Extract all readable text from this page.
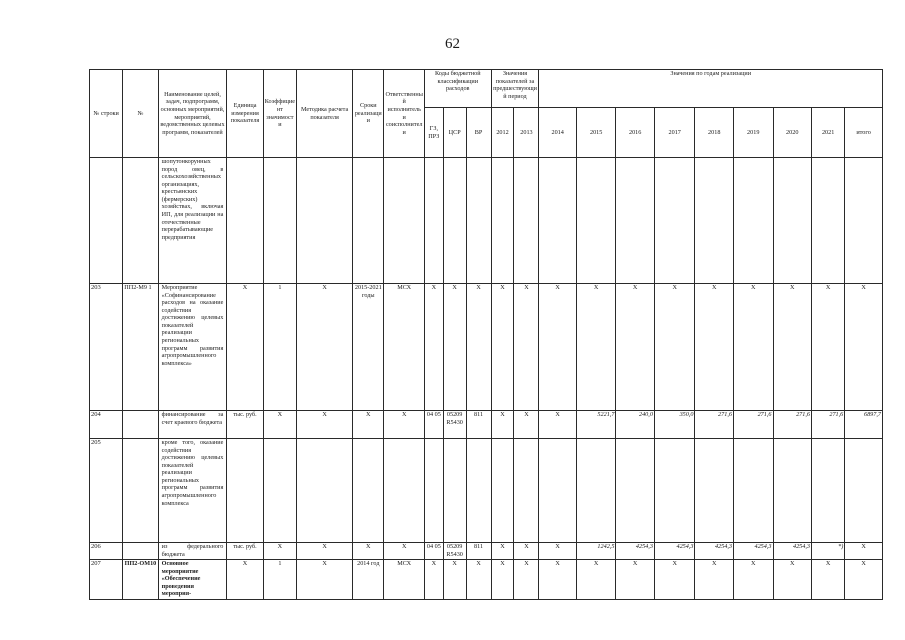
62
№ строки	№	Наименование целей, задач, подпрограмм, основных мероприятий, мероприятий, ведомственных целевых программ, показателей	Единица измерения показателя	Коэффициент значимости	Методика расчета показателя	Сроки реализации	Ответственный исполнитель и соисполнители	Коды бюджетной классификации расходов			Значения показателей за предшествующий период		Значения по годам реализации								
								ГЗ, ПРЗ	ЦСР	ВР	2012	2013	2014	2015	2016	2017	2018	2019	2020	2021	итого
		шопутонкорунных пород овец, в сельскохозяйственных организациях, крестьянских (фермерских) хозяйствах, включая ИП, для реализации на отечественные перерабатывающие предприятия																			
203	ПП2-М9 1	Мероприятие «Софинансирование расходов на оказание содействия достижению целевых показателей реализации региональных программ развития агропромышленного комплекса»	Х	1	Х	2015-2021 годы	МСХ	Х	Х	Х	Х	Х	Х	Х	Х	Х	Х	Х	Х	Х	Х
204		финансирование за счет краевого бюджета	тыс. руб.	Х	Х	Х	Х	04 05	05209 R5430	811	Х	Х	Х	5221,7	240,0	350,0	271,6	271,6	271,6	271,6	6897,7
205		кроме того, оказание содействия достижению целевых показателей реализации региональных программ развития агропромышленного комплекса																			
206		из федерального бюджета	тыс. руб.	Х	Х	Х	Х	04 05	05209 R5430	811	Х	Х	Х	1242,5	4254,3	4254,3	4254,3	4254,3	4254,3	*)	Х
207	ПП2-ОМ10	Основное мероприятие «Обеспечение проведения мероприя-	Х	1	Х	2014 год	МСХ	Х	Х	Х	Х	Х	Х	Х	Х	Х	Х	Х	Х	Х	Х
